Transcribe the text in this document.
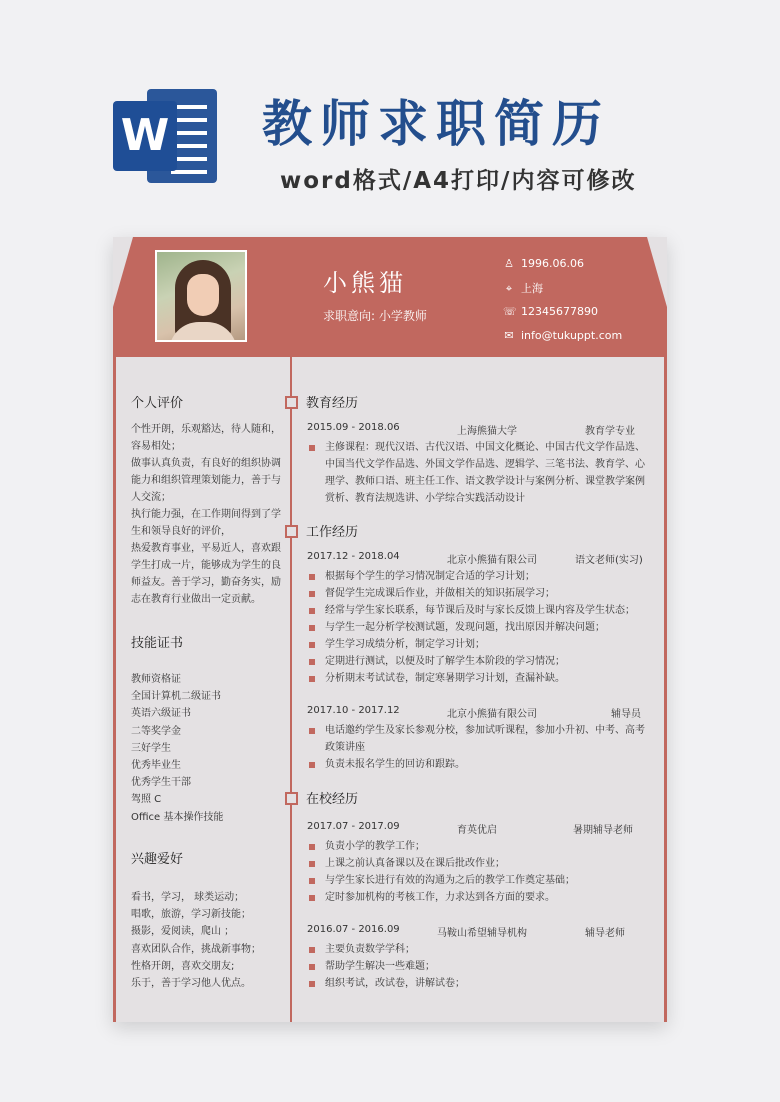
W 教师求职简历
word格式/A4打印/内容可修改
小熊猫
求职意向: 小学教师
♙ 1996.06.06
⌖ 上海
☏ 12345677890
✉ info@tukuppt.com
个人评价
个性开朗，乐观豁达，待人随和，容易相处；
做事认真负责，有良好的组织协调能力和组织管理策划能力，善于与人交流；
执行能力强，在工作期间得到了学生和领导良好的评价，
热爱教育事业，平易近人，喜欢跟学生打成一片，能够成为学生的良师益友。善于学习，勤奋务实，励志在教育行业做出一定贡献。
技能证书
教师资格证
全国计算机二级证书
英语六级证书
二等奖学金
三好学生
优秀毕业生
优秀学生干部
驾照 C
Office 基本操作技能
兴趣爱好
看书，学习， 球类运动；
唱歌，旅游，学习新技能；
摄影，爱阅读，爬山 ；
喜欢团队合作，挑战新事物；
性格开朗，喜欢交朋友;
乐于，善于学习他人优点。
教育经历
2015.09 - 2018.06	上海熊猫大学	教育学专业
主修课程：现代汉语、古代汉语、中国文化概论、中国古代文学作品选、中国当代文学作品选、外国文学作品选、逻辑学、三笔书法、教育学、心理学、教师口语、班主任工作、语文教学设计与案例分析、课堂教学案例赏析、教育法规选讲、小学综合实践活动设计
工作经历
2017.12 - 2018.04	北京小熊猫有限公司	语文老师(实习)
根据每个学生的学习情况制定合适的学习计划；
督促学生完成课后作业，并做相关的知识拓展学习；
经常与学生家长联系，每节课后及时与家长反馈上课内容及学生状态；
与学生一起分析学校测试题，发现问题，找出原因并解决问题；
学生学习成绩分析，制定学习计划；
定期进行测试，以便及时了解学生本阶段的学习情况；
分析期末考试试卷，制定寒暑期学习计划，查漏补缺。
2017.10 - 2017.12	北京小熊猫有限公司	辅导员
电话邀约学生及家长参观分校，参加试听课程，参加小升初、中考、高考政策讲座
负责未报名学生的回访和跟踪。
在校经历
2017.07 - 2017.09	育英优启	暑期辅导老师
负责小学的教学工作；
上课之前认真备课以及在课后批改作业；
与学生家长进行有效的沟通为之后的教学工作奠定基础；
定时参加机构的考核工作，力求达到各方面的要求。
2016.07 - 2016.09	马鞍山希望辅导机构	辅导老师
主要负责数学学科；
帮助学生解决一些难题；
组织考试，改试卷，讲解试卷；
